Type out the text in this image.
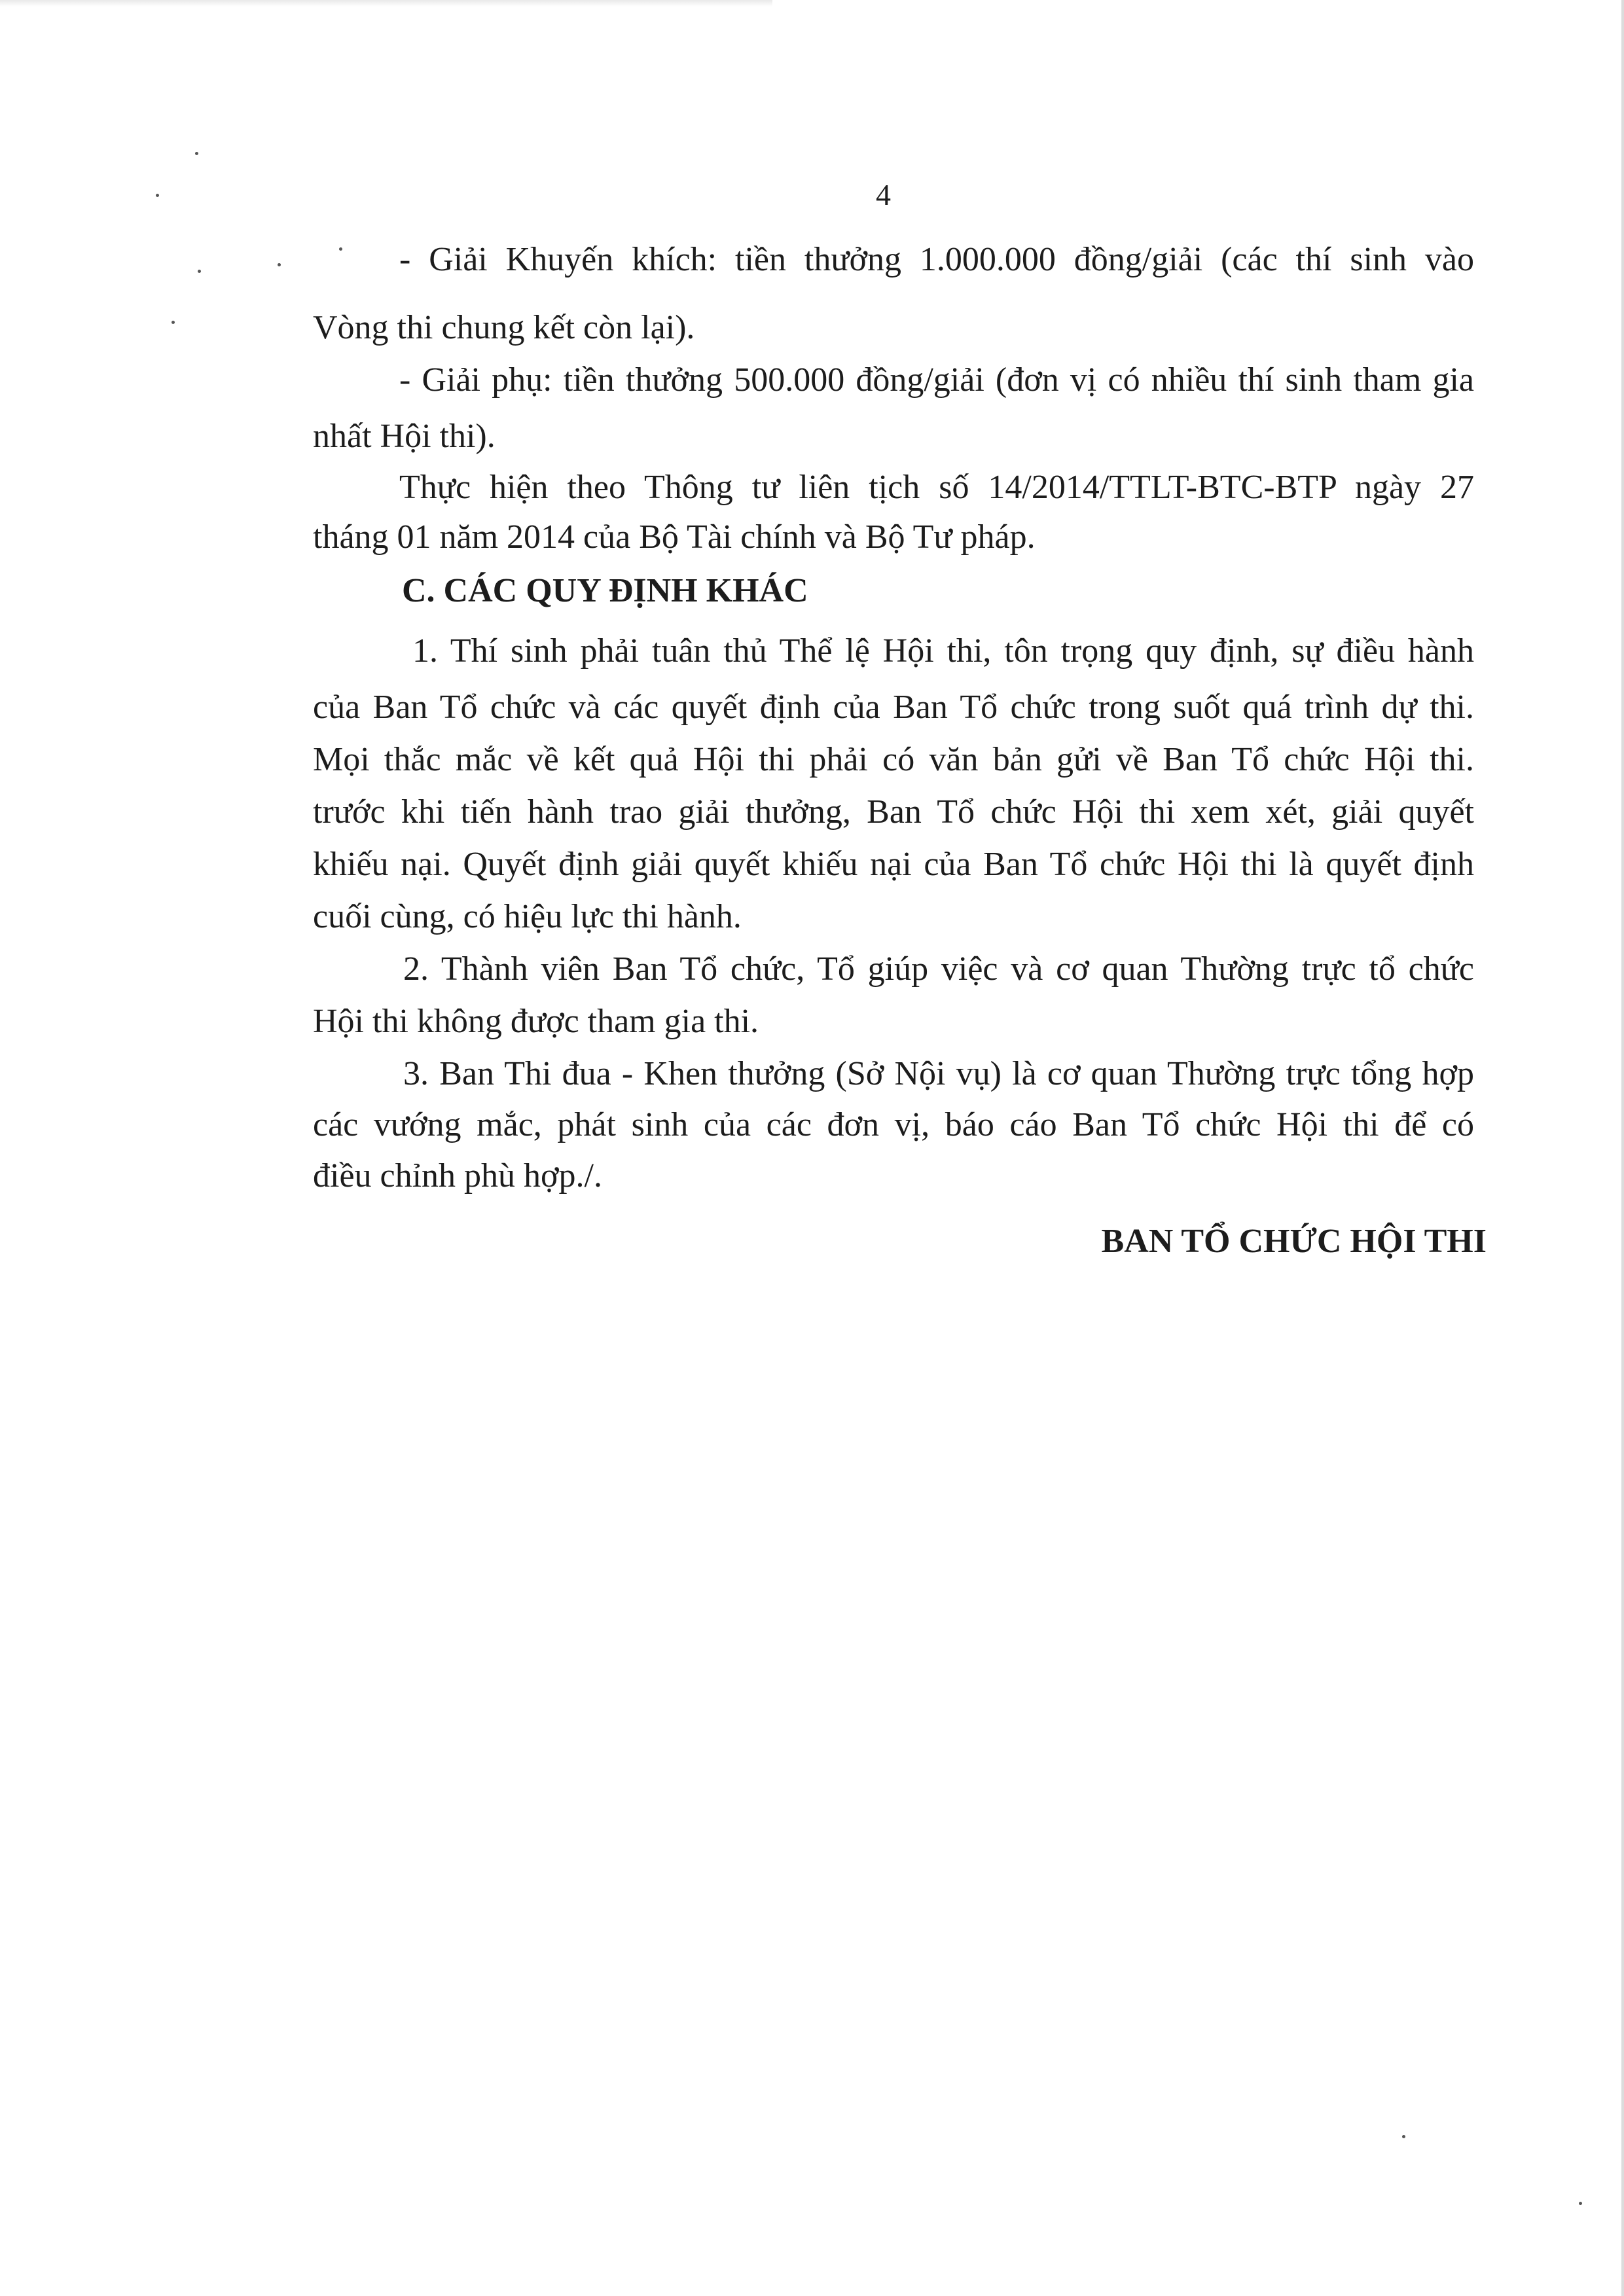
4
- Giải Khuyến khích: tiền thưởng 1.000.000 đồng/giải (các thí sinh vào
Vòng thi chung kết còn lại).
- Giải phụ: tiền thưởng 500.000 đồng/giải (đơn vị có nhiều thí sinh tham gia
nhất Hội thi).
Thực hiện theo Thông tư liên tịch số 14/2014/TTLT-BTC-BTP ngày 27
tháng 01 năm 2014 của Bộ Tài chính và Bộ Tư pháp.
C. CÁC QUY ĐỊNH KHÁC
1. Thí sinh phải tuân thủ Thể lệ Hội thi, tôn trọng quy định, sự điều hành
của Ban Tổ chức và các quyết định của Ban Tổ chức trong suốt quá trình dự thi.
Mọi thắc mắc về kết quả Hội thi phải có văn bản gửi về Ban Tổ chức Hội thi.
trước khi tiến hành trao giải thưởng, Ban Tổ chức Hội thi xem xét, giải quyết
khiếu nại. Quyết định giải quyết khiếu nại của Ban Tổ chức Hội thi là quyết định
cuối cùng, có hiệu lực thi hành.
2. Thành viên Ban Tổ chức, Tổ giúp việc và cơ quan Thường trực tổ chức
Hội thi không được tham gia thi.
3. Ban Thi đua - Khen thưởng (Sở Nội vụ) là cơ quan Thường trực tổng hợp
các vướng mắc, phát sinh của các đơn vị, báo cáo Ban Tổ chức Hội thi để có
điều chỉnh phù hợp./.
BAN TỔ CHỨC HỘI THI
